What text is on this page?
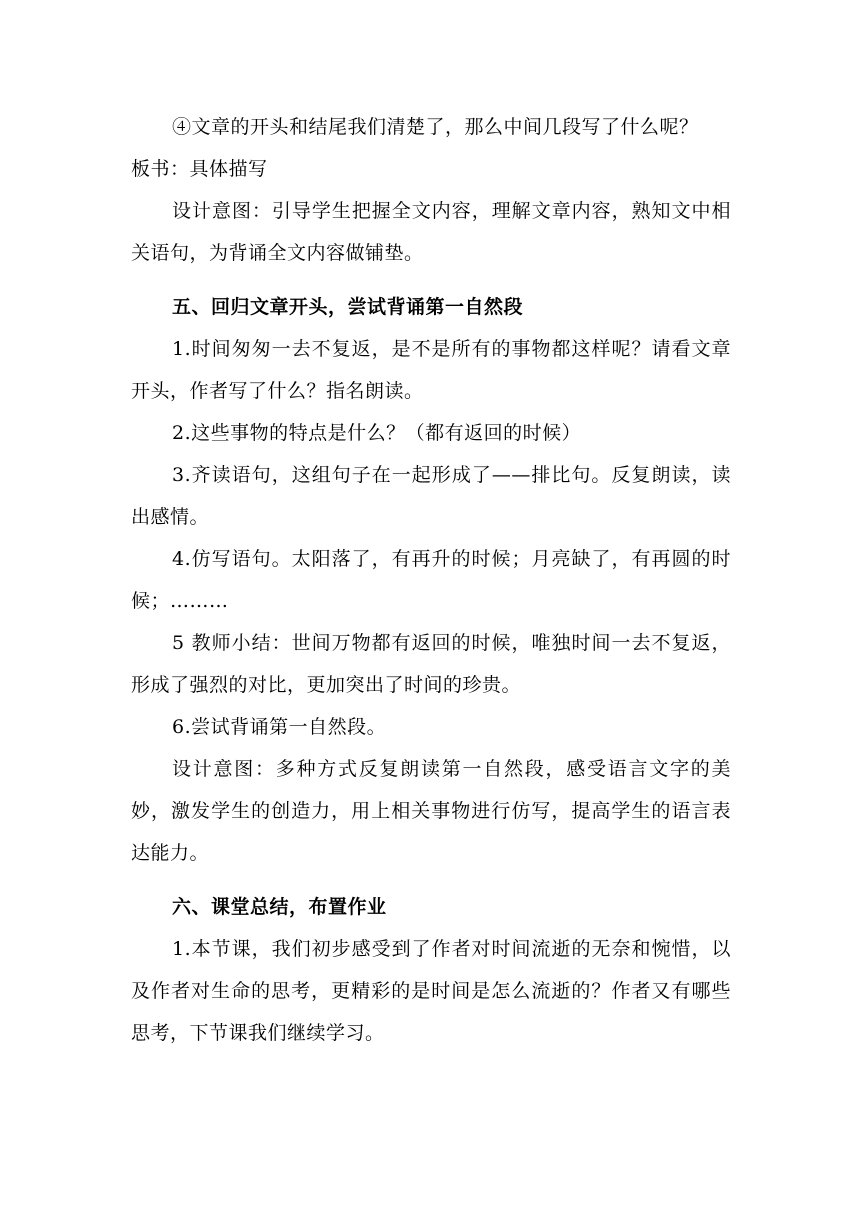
④文章的开头和结尾我们清楚了，那么中间几段写了什么呢？

板书：具体描写

设计意图：引导学生把握全文内容，理解文章内容，熟知文中相关语句，为背诵全文内容做铺垫。

五、回归文章开头，尝试背诵第一自然段

1.时间匆匆一去不复返，是不是所有的事物都这样呢？请看文章开头，作者写了什么？指名朗读。

2.这些事物的特点是什么？（都有返回的时候）

3.齐读语句，这组句子在一起形成了——排比句。反复朗读，读出感情。

4.仿写语句。太阳落了，有再升的时候；月亮缺了，有再圆的时候；………

5 教师小结：世间万物都有返回的时候，唯独时间一去不复返，形成了强烈的对比，更加突出了时间的珍贵。

6.尝试背诵第一自然段。

设计意图：多种方式反复朗读第一自然段，感受语言文字的美妙，激发学生的创造力，用上相关事物进行仿写，提高学生的语言表达能力。

六、课堂总结，布置作业

1.本节课，我们初步感受到了作者对时间流逝的无奈和惋惜，以及作者对生命的思考，更精彩的是时间是怎么流逝的？作者又有哪些思考，下节课我们继续学习。
